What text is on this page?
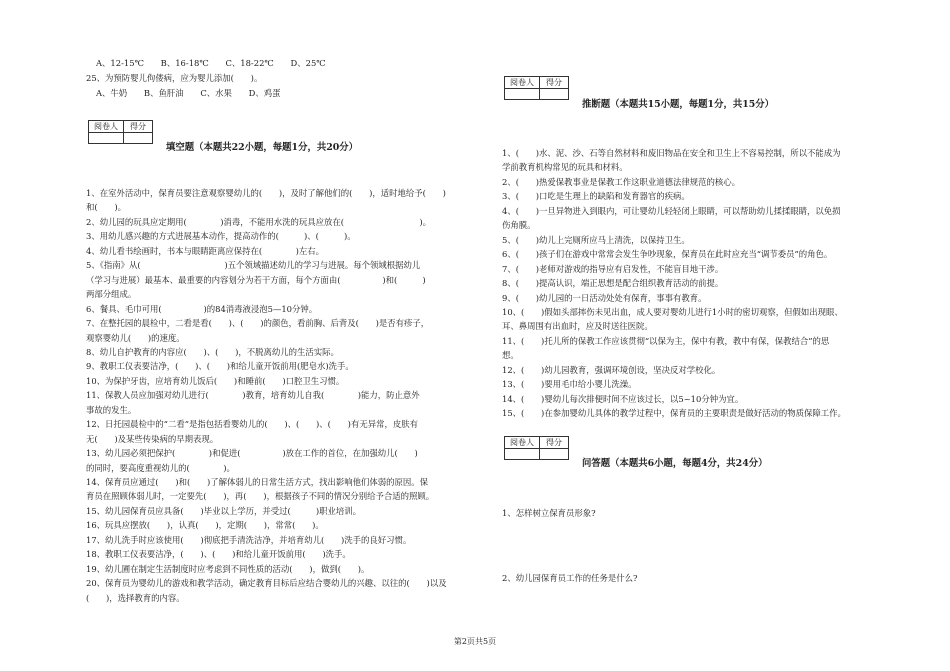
A、12-15℃　　B、16-18℃　　C、18-22℃　　D、25℃
25、为预防婴儿佝偻病，应为婴儿添加(　　)。
A、牛奶　　B、鱼肝油　　C、水果　　D、鸡蛋
阅卷人	得分

填空题（本题共22小题，每题1分，共20分）
1、在室外活动中，保育员要注意观察婴幼儿的(　　)，及时了解他们的(　　)，适时地给予(　　)
和(　　)。
2、幼儿园的玩具应定期用(　　　　)消毒，不能用水洗的玩具应放在(　　　　　　　　　)。
3、用幼儿感兴趣的方式进展基本动作，提高动作的(　　　)、(　　　)。
4、幼儿看书绘画时，书本与眼睛距离应保持在(　　　　)左右。
5、《指南》从(　　　　　　　　　　)五个领域描述幼儿的学习与进展。每个领域根据幼儿
（学习与进展）最基本、最重要的内容划分为若干方面，每个方面由(　　　　　)和(　　　)
两部分组成。
6、餐具、毛巾可用(　　　　　)的84消毒液浸泡5—10分钟。
7、在整托园的晨检中，二看是看(　　)、(　　)的颜色，看前胸、后背及(　　)是否有疹子，
观察婴幼儿(　　)的速度。
8、幼儿自护教育的内容应(　　)、(　　)，不脱离幼儿的生活实际。
9、教职工仪表要洁净，(　　)、(　　)和给儿童开饭前用(肥皂水)洗手。
10、为保护牙齿，应培育幼儿饭后(　　)和睡前(　　)口腔卫生习惯。
11、保教人员应加强对幼儿进行(　　　　)教育，培育幼儿自我(　　　　)能力，防止意外
事故的发生。
12、日托园晨检中的“二看”是指包括看婴幼儿的(　　)、(　　)、(　　)有无异常，皮肤有
无(　　)及某些传染病的早期表现。
13、幼儿园必须把保护(　　　　)和促进(　　　　　)放在工作的首位，在加强幼儿(　　)
的同时，要高度重视幼儿的(　　　　)。
14、保育员应通过(　　)和(　　)了解体弱儿的日常生活方式，找出影响他们体弱的原因。保
育员在照顾体弱儿时，一定要先(　　)，再(　　)，根据孩子不同的情况分别给予合适的照顾。
15、幼儿园保育员应具备(　　)毕业以上学历，并受过(　　　)职业培训。
16、玩具应摆放(　　)，认真(　　)，定期(　　)，常常(　　)。
17、幼儿洗手时应该使用(　　)彻底把手清洗洁净，并培育幼儿(　　)洗手的良好习惯。
18、教职工仪表要洁净，(　　)、(　　)和给儿童开饭前用(　　)洗手。
19、幼儿圃在制定生活制度时应考虑到不同性质的活动(　　)，做到(　　)。
20、保育员为婴幼儿的游戏和教学活动，确定教育目标后应结合婴幼儿的兴趣、以往的(　　)以及
(　　)，选择教育的内容。
阅卷人	得分

推断题（本题共15小题，每题1分，共15分）
1、(　　)水、泥、沙、石等自然材料和废旧物品在安全和卫生上不容易控制，所以不能成为
学前教育机构常见的玩具和材料。
2、(　　)热爱保教事业是保教工作这职业道德法律规范的核心。
3、(　　)口吃是生理上的缺陷和发育器官的疾病。
4、(　　)一旦异物进入到眼内，可让婴幼儿轻轻闭上眼睛，可以帮助幼儿揉揉眼睛，以免损
伤角膜。
5、(　　)幼儿上完厕所应马上清洗，以保持卫生。
6、(　　)孩子们在游戏中常常会发生争吵现象，保育员在此时应充当“调节委员”的角色。
7、(　　)老师对游戏的指导应有启发性，不能盲目地干涉。
8、(　　)提高认识，端正思想是配合组织教育活动的前提。
9、(　　)幼儿园的一日活动处处有保育，事事有教育。
10、(　　)假如头部摔伤未见出血，成人要对婴幼儿进行1小时的密切观察，但假如出现眼、
耳、鼻周围有出血时，应及时送往医院。
11、(　　)托儿所的保教工作应该贯彻“以保为主，保中有教，教中有保，保教结合”的思
想。
12、(　　)幼儿园教育，强调环境创设，坚决反对学校化。
13、(　　)要用毛巾给小婴儿洗澡。
14、(　　)婴幼儿每次排便时间不应该过长，以5~10分钟为宜。
15、(　　)在参加婴幼儿具体的教学过程中，保育员的主要职责是做好活动的物质保障工作。
阅卷人	得分

问答题（本题共6小题，每题4分，共24分）
1、怎样树立保育员形象?
2、幼儿园保育员工作的任务是什么?
第2页共5页
